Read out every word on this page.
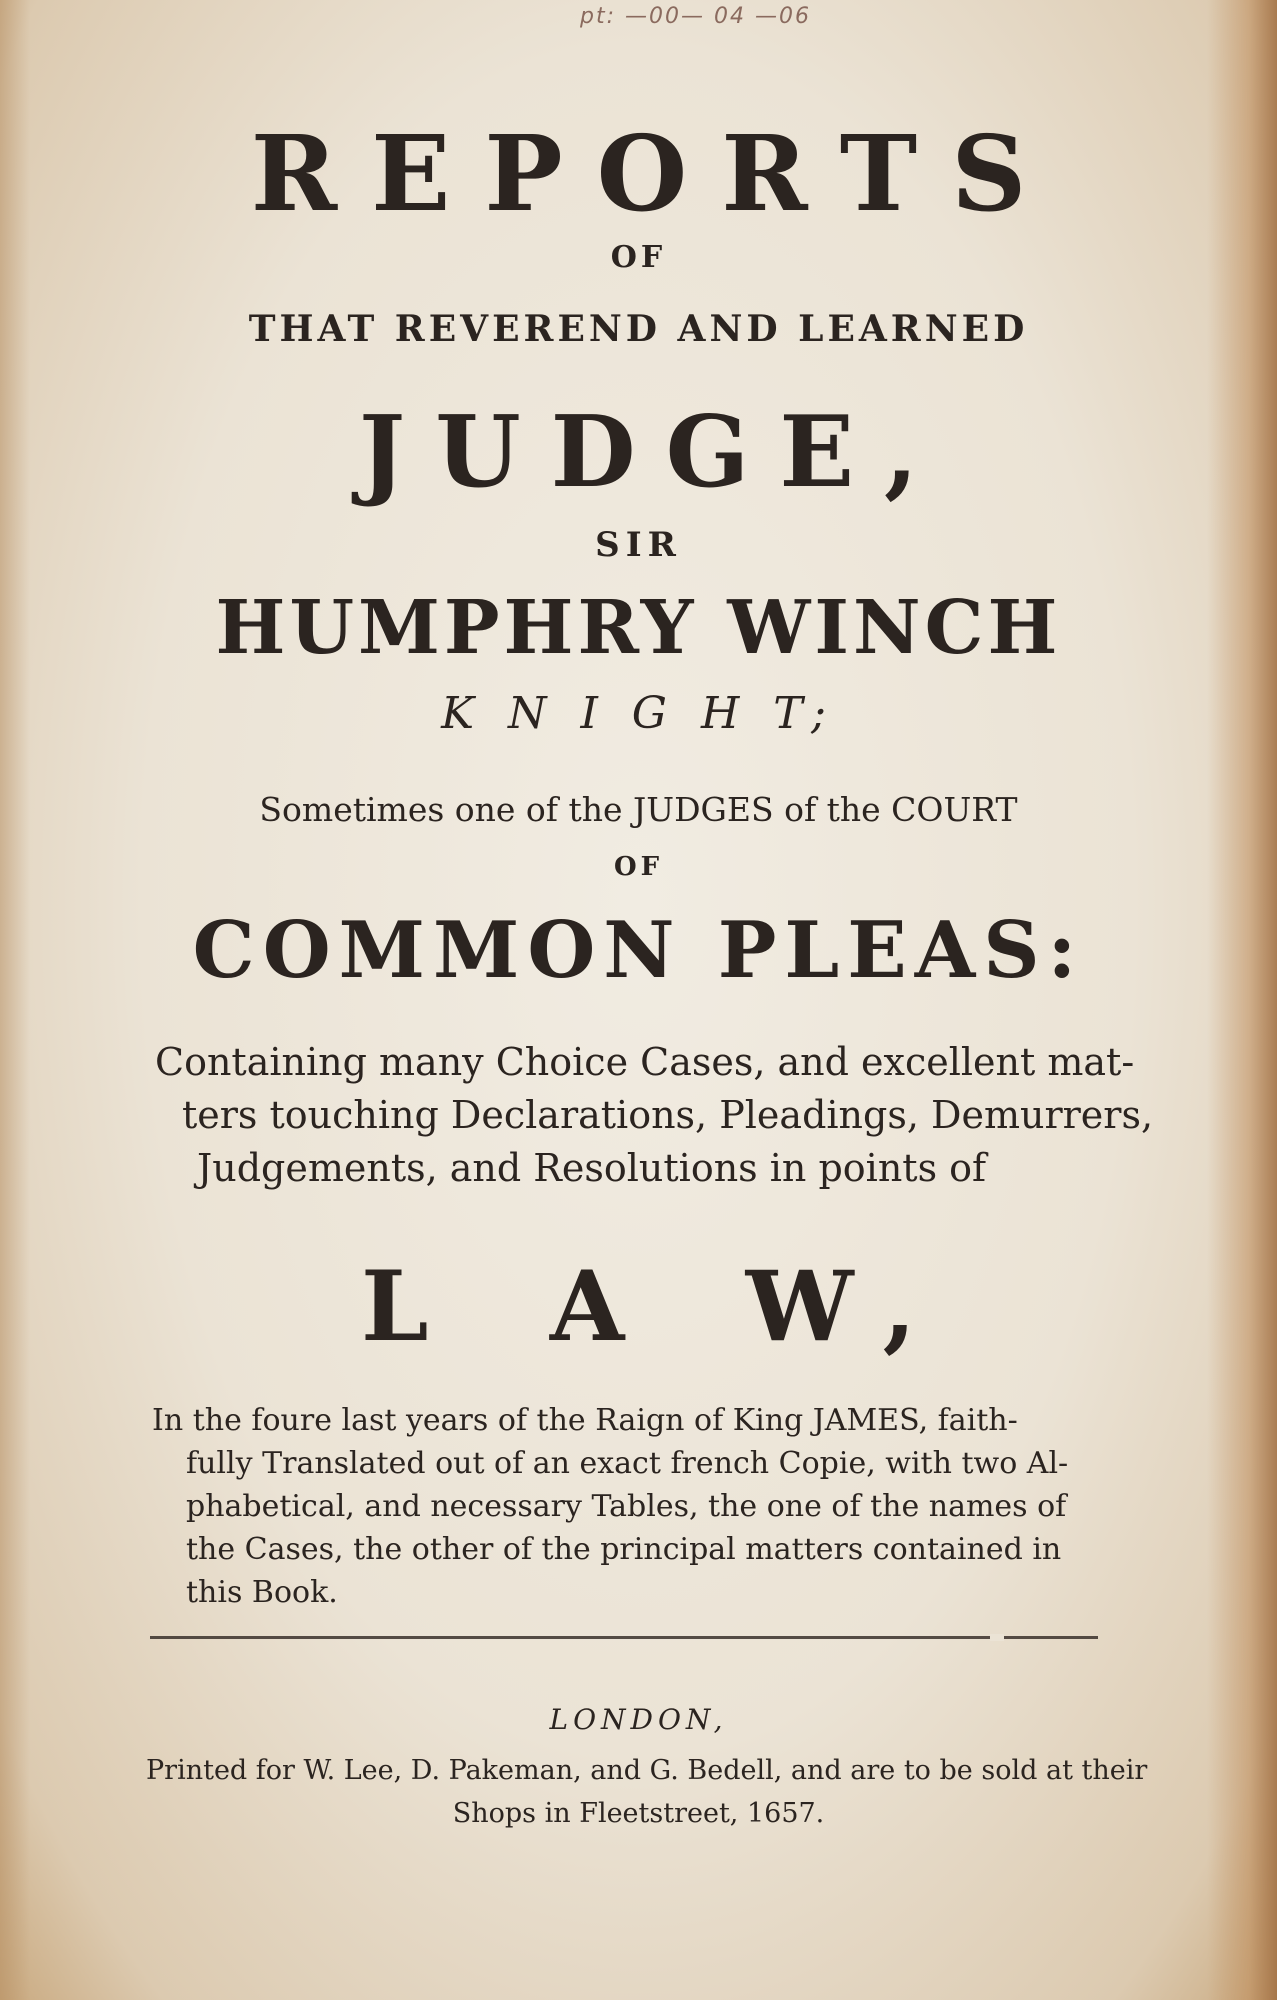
pt: —00— 04 —06
REPORTS
OF
THAT REVEREND AND LEARNED
JUDGE,
SIR
HUMPHRY WINCH
K N I G H T;
Sometimes one of the JUDGES of the COURT
OF
COMMON PLEAS:
Containing many Choice Cases, and excellent mat-
ters touching Declarations, Pleadings, Demurrers,
Judgements, and Resolutions in points of
L A W,
In the foure last years of the Raign of King JAMES, faith-
fully Translated out of an exact french Copie, with two Al-
phabetical, and necessary Tables, the one of the names of
the Cases, the other of the principal matters contained in
this Book.
LONDON,
Printed for W. Lee, D. Pakeman, and G. Bedell, and are to be sold at their
Shops in Fleetstreet, 1657.
